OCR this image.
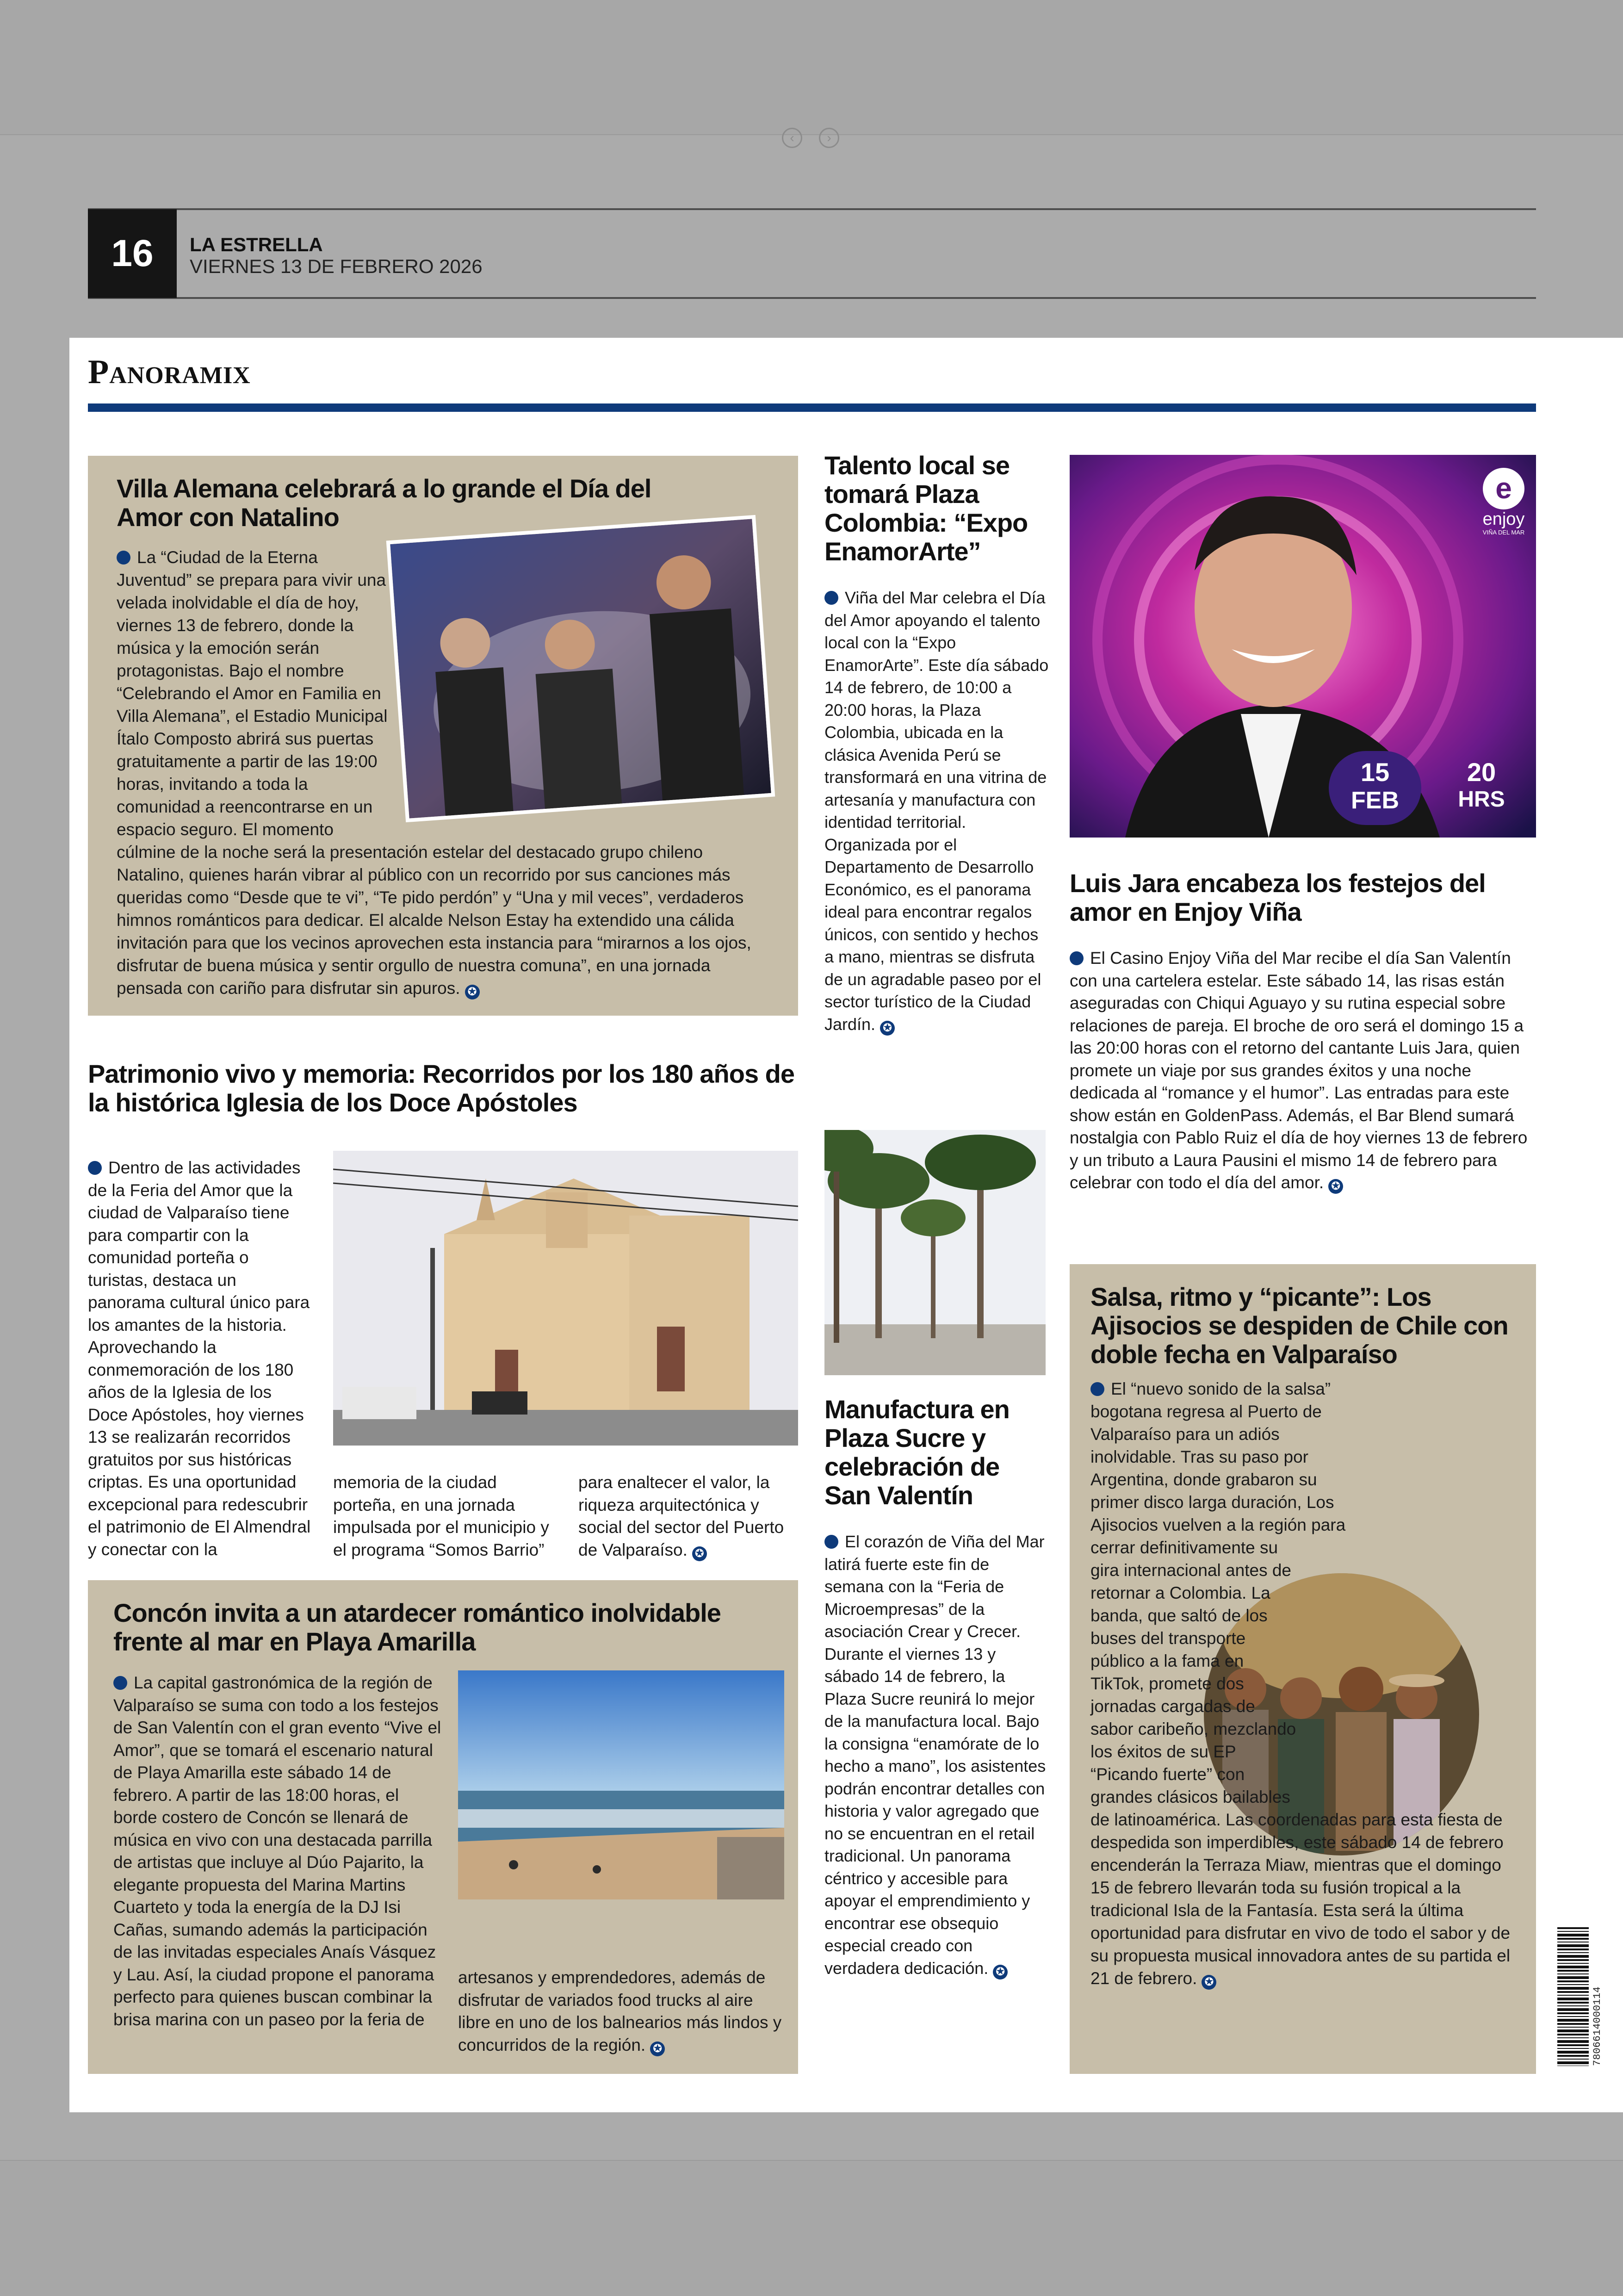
‹	›
16	LA ESTRELLA
VIERNES 13 DE FEBRERO 2026
Panoramix
Villa Alemana celebrará a lo grande el Día del Amor con Natalino
La “Ciudad de la Eterna Juventud” se prepara para vivir una velada inolvidable el día de hoy, viernes 13 de febrero, donde la música y la emoción serán protagonistas. Bajo el nombre “Celebrando el Amor en Familia en Villa Alemana”, el Estadio Municipal Ítalo Composto abrirá sus puertas gratuitamente a partir de las 19:00 horas, invitando a toda la comunidad a reencontrarse en un espacio seguro. El momento cúlmine de la noche será la presentación estelar del destacado grupo chileno Natalino, quienes harán vibrar al público con un recorrido por sus canciones más queridas como “Desde que te vi”, “Te pido perdón” y “Una y mil veces”, verdaderos himnos románticos para dedicar. El alcalde Nelson Estay ha extendido una cálida invitación para que los vecinos aprovechen esta instancia para “mirarnos a los ojos, disfrutar de buena música y sentir orgullo de nuestra comuna”, en una jornada pensada con cariño para disfrutar sin apuros. ✪
Talento local se tomará Plaza Colombia: “Expo EnamorArte”

Viña del Mar celebra el Día del Amor apoyando el talento local con la “Expo EnamorArte”. Este día sábado 14 de febrero, de 10:00 a 20:00 horas, la Plaza Colombia, ubicada en la clásica Avenida Perú se transformará en una vitrina de artesanía y manufactura con identidad territorial. Organizada por el Departamento de Desarrollo Económico, es el panorama ideal para encontrar regalos únicos, con sentido y hechos a mano, mientras se disfruta de un agradable paseo por el sector turístico de la Ciudad Jardín. ✪

e
enjoy
VIÑA DEL MAR
15
FEB
20
HRS
Luis Jara encabeza los festejos del amor en Enjoy Viña

El Casino Enjoy Viña del Mar recibe el día San Valentín con una cartelera estelar. Este sábado 14, las risas están aseguradas con Chiqui Aguayo y su rutina especial sobre relaciones de pareja. El broche de oro será el domingo 15 a las 20:00 horas con el retorno del cantante Luis Jara, quien promete un viaje por sus grandes éxitos y una noche dedicada al “romance y el humor”. Las entradas para este show están en GoldenPass. Además, el Bar Blend sumará nostalgia con Pablo Ruiz el día de hoy viernes 13 de febrero y un tributo a Laura Pausini el mismo 14 de febrero para celebrar con todo el día del amor. ✪

Patrimonio vivo y memoria: Recorridos por los 180 años de la histórica Iglesia de los Doce Apóstoles
Dentro de las actividades de la Feria del Amor que la ciudad de Valparaíso tiene para compartir con la comunidad porteña o turistas, destaca un panorama cultural único para los amantes de la historia. Aprovechando la conmemoración de los 180 años de la Iglesia de los Doce Apóstoles, hoy viernes 13 se realizarán recorridos gratuitos por sus históricas criptas. Es una oportunidad excepcional para redescubrir el patrimonio de El Almendral y conectar con la
memoria de la ciudad porteña, en una jornada impulsada por el municipio y el programa “Somos Barrio”
para enaltecer el valor, la riqueza arquitectónica y social del sector del Puerto de Valparaíso. ✪
Manufactura en Plaza Sucre y celebración de San Valentín

El corazón de Viña del Mar latirá fuerte este fin de semana con la “Feria de Microempresas” de la asociación Crear y Crecer. Durante el viernes 13 y sábado 14 de febrero, la Plaza Sucre reunirá lo mejor de la manufactura local. Bajo la consigna “enamórate de lo hecho a mano”, los asistentes podrán encontrar detalles con historia y valor agregado que no se encuentran en el retail tradicional. Un panorama céntrico y accesible para apoyar el emprendimiento y encontrar ese obsequio especial creado con verdadera dedicación. ✪

Salsa, ritmo y “picante”: Los Ajisocios se despiden de Chile con doble fecha en Valparaíso
El “nuevo sonido de la salsa” bogotana regresa al Puerto de Valparaíso para un adiós inolvidable. Tras su paso por Argentina, donde grabaron su primer disco larga duración, Los Ajisocios vuelven a la región para cerrar definitivamente su gira internacional antes de retornar a Colombia. La banda, que saltó de los buses del transporte público a la fama en TikTok, promete dos jornadas cargadas de sabor caribeño, mezclando los éxitos de su EP “Picando fuerte” con grandes clásicos bailables de latinoamérica. Las coordenadas para esta fiesta de despedida son imperdibles, este sábado 14 de febrero encenderán la Terraza Miaw, mientras que el domingo 15 de febrero llevarán toda su fusión tropical a la tradicional Isla de la Fantasía. Esta será la última oportunidad para disfrutar en vivo de todo el sabor y de su propuesta musical innovadora antes de su partida el 21 de febrero. ✪
Concón invita a un atardecer romántico inolvidable frente al mar en Playa Amarilla
La capital gastronómica de la región de Valparaíso se suma con todo a los festejos de San Valentín con el gran evento “Vive el Amor”, que se tomará el escenario natural de Playa Amarilla este sábado 14 de febrero. A partir de las 18:00 horas, el borde costero de Concón se llenará de música en vivo con una destacada parrilla de artistas que incluye al Dúo Pajarito, la elegante propuesta del Marina Martins Cuarteto y toda la energía de la DJ Isi Cañas, sumando además la participación de las invitadas especiales Anaís Vásquez y Lau. Así, la ciudad propone el panorama perfecto para quienes buscan combinar la brisa marina con un paseo por la feria de
artesanos y emprendedores, además de disfrutar de variados food trucks al aire libre en uno de los balnearios más lindos y concurridos de la región. ✪	7806614000114
